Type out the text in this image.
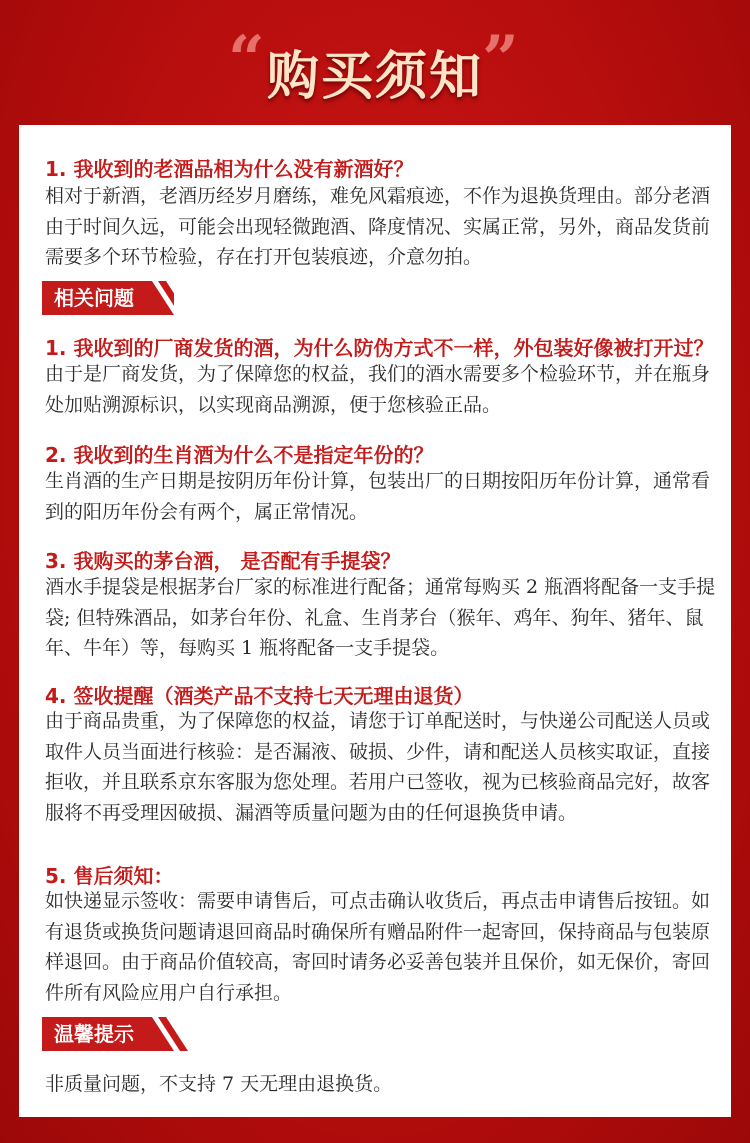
“ 购买须知 ”
1. 我收到的老酒品相为什么没有新酒好？

相对于新酒，老酒历经岁月磨练，难免风霜痕迹，不作为退换货理由。部分老酒由于时间久远，可能会出现轻微跑酒、降度情况、实属正常，另外，商品发货前需要多个环节检验，存在打开包装痕迹，介意勿拍。

相关问题
1. 我收到的厂商发货的酒，为什么防伪方式不一样，外包装好像被打开过？

由于是厂商发货，为了保障您的权益，我们的酒水需要多个检验环节，并在瓶身处加贴溯源标识，以实现商品溯源，便于您核验正品。

2. 我收到的生肖酒为什么不是指定年份的？

生肖酒的生产日期是按阴历年份计算，包装出厂的日期按阳历年份计算，通常看到的阳历年份会有两个，属正常情况。

3. 我购买的茅台酒， 是否配有手提袋？

酒水手提袋是根据茅台厂家的标准进行配备；通常每购买 2 瓶酒将配备一支手提袋; 但特殊酒品，如茅台年份、礼盒、生肖茅台（猴年、鸡年、狗年、猪年、鼠年、牛年）等，每购买 1 瓶将配备一支手提袋。

4. 签收提醒（酒类产品不支持七天无理由退货）

由于商品贵重，为了保障您的权益，请您于订单配送时，与快递公司配送人员或取件人员当面进行核验：是否漏液、破损、少件，请和配送人员核实取证，直接拒收，并且联系京东客服为您处理。若用户已签收，视为已核验商品完好，故客服将不再受理因破损、漏酒等质量问题为由的任何退换货申请。

5. 售后须知：

如快递显示签收：需要申请售后，可点击确认收货后，再点击申请售后按钮。如有退货或换货问题请退回商品时确保所有赠品附件一起寄回，保持商品与包装原样退回。由于商品价值较高，寄回时请务必妥善包装并且保价，如无保价，寄回件所有风险应用户自行承担。

温馨提示

非质量问题，不支持 7 天无理由退换货。
